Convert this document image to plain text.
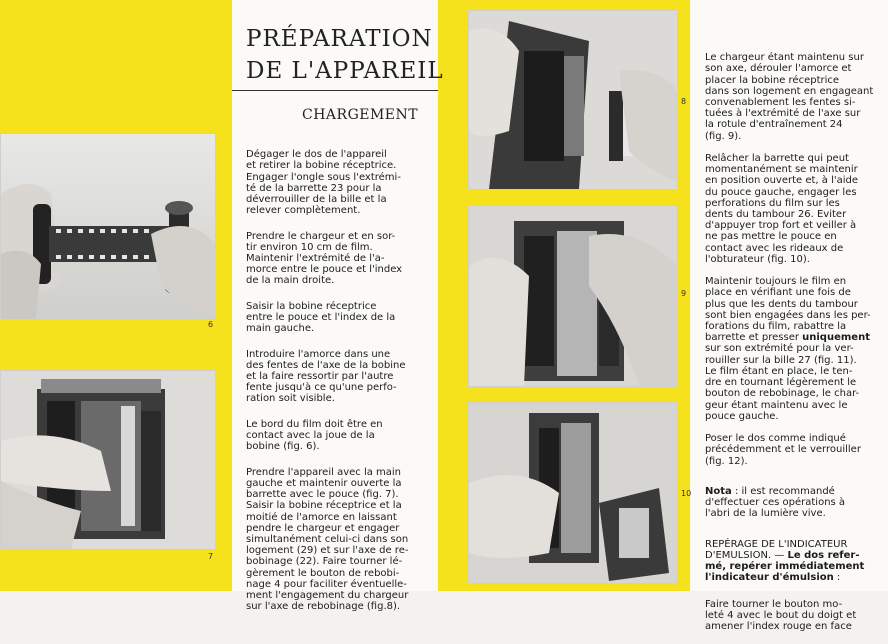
6
7
PRÉPARATION
DE L'APPAREIL
CHARGEMENT

Dégager le dos de l'appareil
et retirer la bobine réceptrice.
Engager l'ongle sous l'extrémi-
té de la barrette 23 pour la
déverrouiller de la bille et la
relever complètement.

Prendre le chargeur et en sor-
tir environ 10 cm de film.
Maintenir l'extrémité de l'a-
morce entre le pouce et l'index
de la main droite.

Saisir la bobine réceptrice
entre le pouce et l'index de la
main gauche.

Introduire l'amorce dans une
des fentes de l'axe de la bobine
et la faire ressortir par l'autre
fente jusqu'à ce qu'une perfo-
ration soit visible.

Le bord du film doit être en
contact avec la joue de la
bobine (fig. 6).

Prendre l'appareil avec la main
gauche et maintenir ouverte la
barrette avec le pouce (fig. 7).
Saisir la bobine réceptrice et la
moitié de l'amorce en laissant
pendre le chargeur et engager
simultanément celui-ci dans son
logement (29) et sur l'axe de re-
bobinage (22). Faire tourner lé-
gèrement le bouton de rebobi-
nage 4 pour faciliter éventuelle-
ment l'engagement du chargeur
sur l'axe de rebobinage (fig.8).

8
9
10

Le chargeur étant maintenu sur
son axe, dérouler l'amorce et
placer la bobine réceptrice
dans son logement en engageant
convenablement les fentes si-
tuées à l'extrémité de l'axe sur
la rotule d'entraînement 24
(fig. 9).

Relâcher la barrette qui peut
momentanément se maintenir
en position ouverte et, à l'aide
du pouce gauche, engager les
perforations du film sur les
dents du tambour 26. Eviter
d'appuyer trop fort et veiller à
ne pas mettre le pouce en
contact avec les rideaux de
l'obturateur (fig. 10).

Maintenir toujours le film en
place en vérifiant une fois de
plus que les dents du tambour
sont bien engagées dans les per-
forations du film, rabattre la
barrette et presser uniquement
sur son extrémité pour la ver-
rouiller sur la bille 27 (fig. 11).
Le film étant en place, le ten-
dre en tournant légèrement le
bouton de rebobinage, le char-
geur étant maintenu avec le
pouce gauche.

Poser le dos comme indiqué
précédemment et le verrouiller
(fig. 12).

Nota : il est recommandé
d'effectuer ces opérations à
l'abri de la lumière vive.

REPÉRAGE DE L'INDICATEUR
D'EMULSION. — Le dos refer-
mé, repérer immédiatement
l'indicateur d'émulsion :

Faire tourner le bouton mo-
leté 4 avec le bout du doigt et
amener l'index rouge en face
